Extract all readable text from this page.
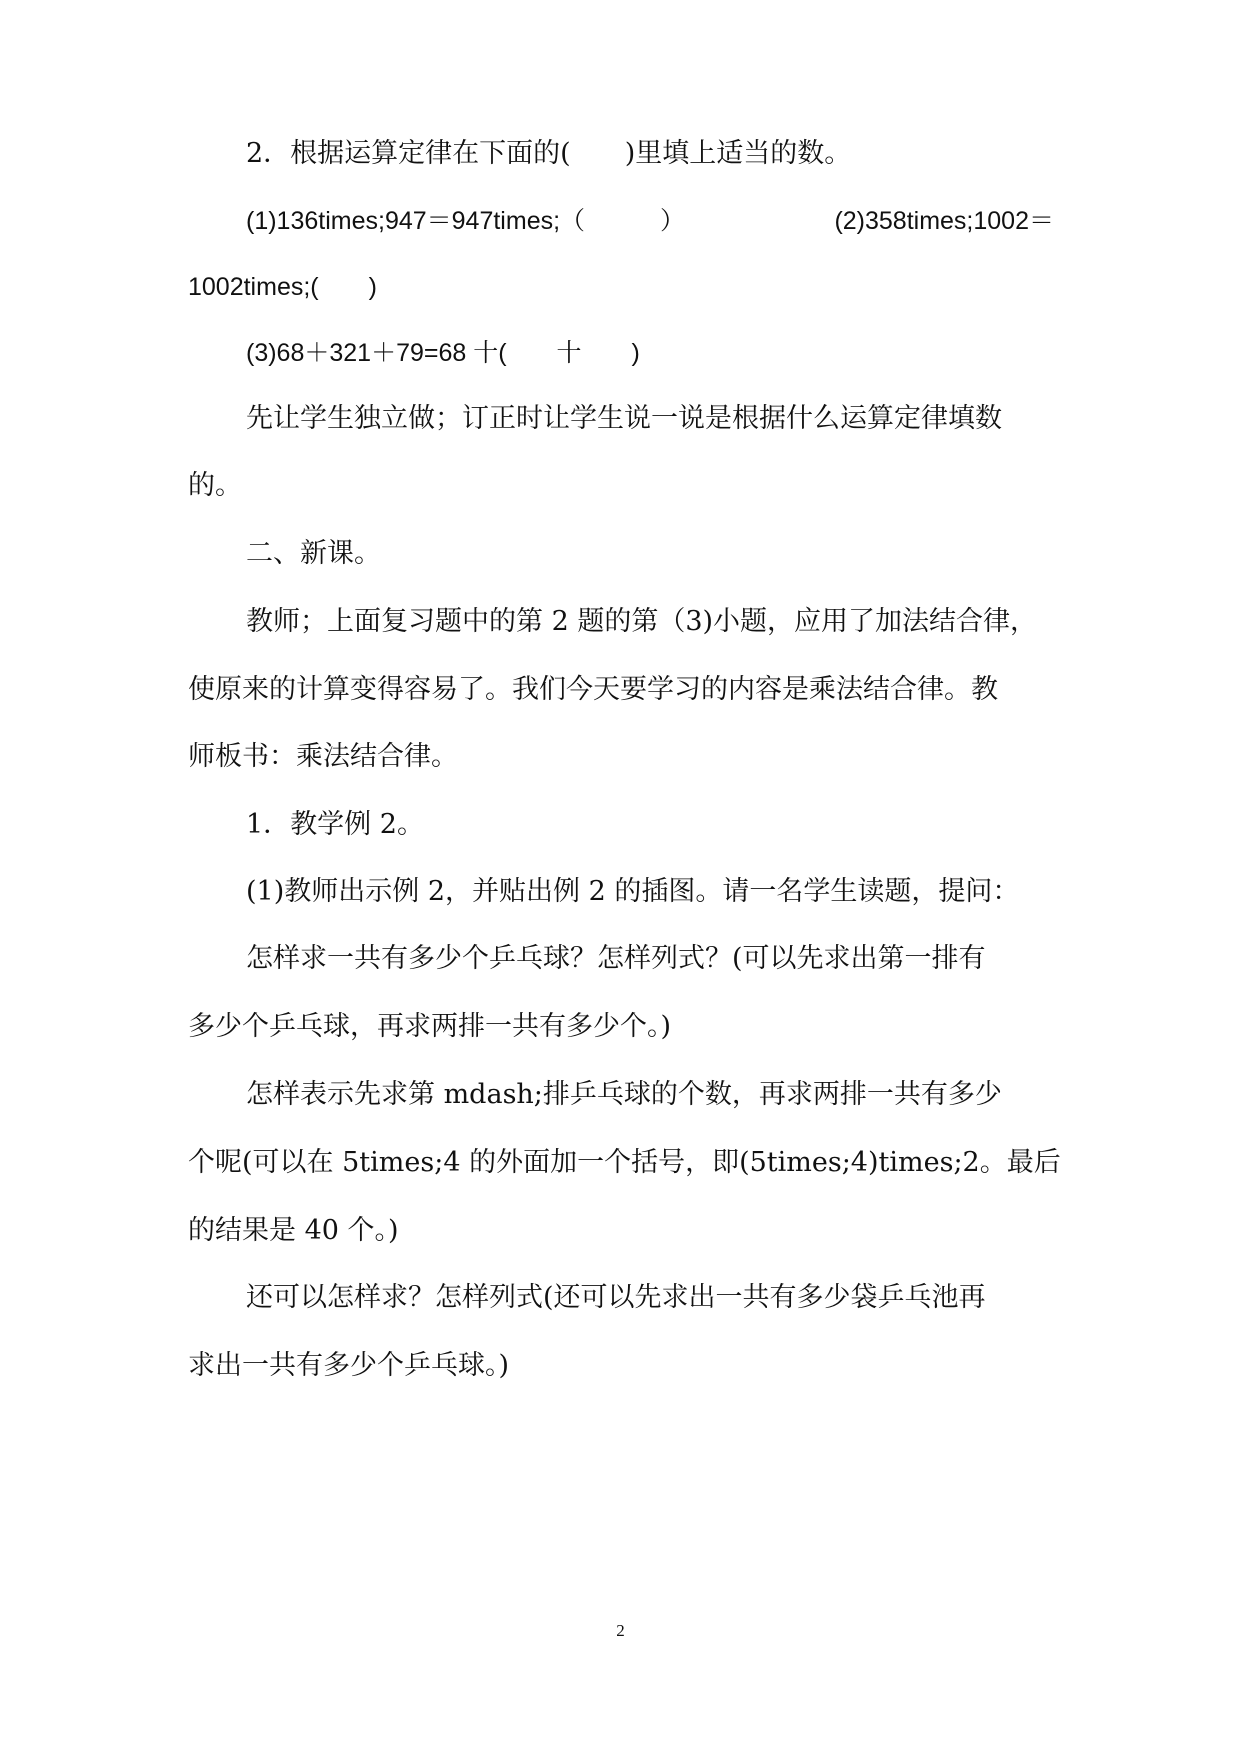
2．根据运算定律在下面的(　　)里填上适当的数。
(1)136times;947＝947times;（　　　）	(2)358times;1002＝
1002times;(　　)
(3)68＋321＋79=68 十(　　十　　)
先让学生独立做；订正时让学生说一说是根据什么运算定律填数
的。
二、新课。
教师；上面复习题中的第 2 题的第（3)小题，应用了加法结合律，
使原来的计算变得容易了。我们今天要学习的内容是乘法结合律。教
师板书：乘法结合律。
1．教学例 2。
(1)教师出示例 2，并贴出例 2 的插图。请一名学生读题，提问：
怎样求一共有多少个乒乓球？怎样列式？(可以先求出第一排有
多少个乒乓球，再求两排一共有多少个。)
怎样表示先求第 mdash;排乒乓球的个数，再求两排一共有多少
个呢(可以在 5times;4 的外面加一个括号，即(5times;4)times;2。最后
的结果是 40 个。)
还可以怎样求？怎样列式(还可以先求出一共有多少袋乒乓池再
求出一共有多少个乒乓球。)
2
